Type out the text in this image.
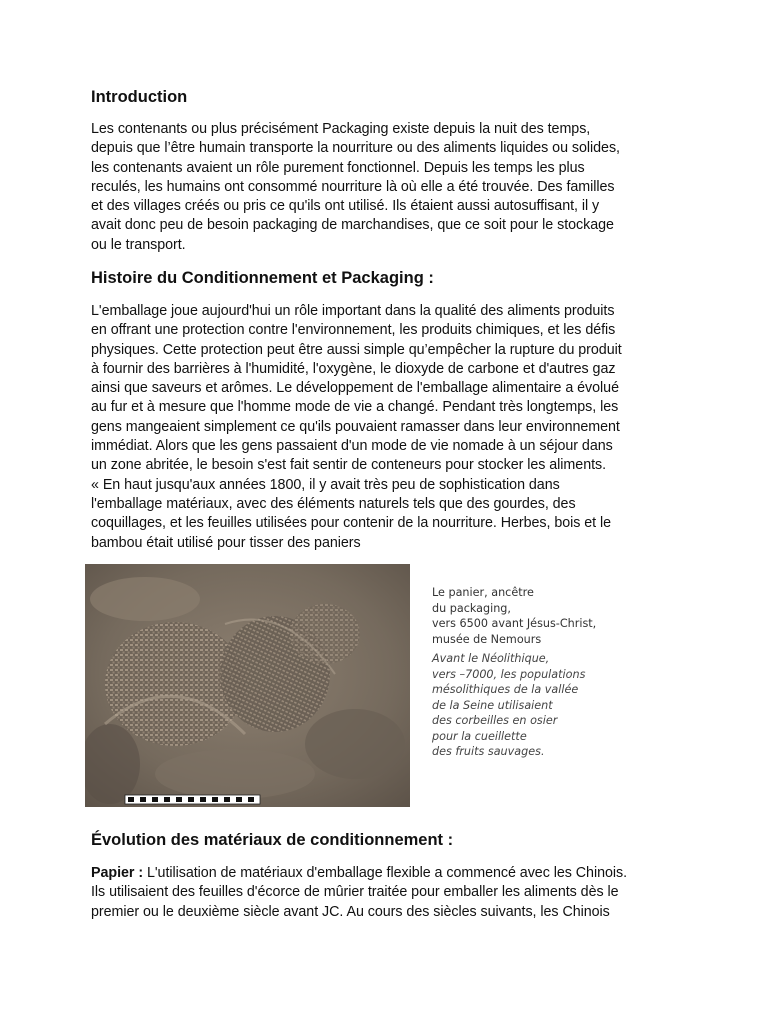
Introduction

Les contenants ou plus précisément Packaging existe depuis la nuit des temps,
depuis que l’être humain transporte la nourriture ou des aliments liquides ou solides,
les contenants avaient un rôle purement fonctionnel. Depuis les temps les plus
reculés, les humains ont consommé nourriture là où elle a été trouvée. Des familles
et des villages créés ou pris ce qu'ils ont utilisé. Ils étaient aussi autosuffisant, il y
avait donc peu de besoin packaging de marchandises, que ce soit pour le stockage
ou le transport.

Histoire du Conditionnement et Packaging :

L'emballage joue aujourd'hui un rôle important dans la qualité des aliments produits
en offrant une protection contre l'environnement, les produits chimiques, et les défis
physiques. Cette protection peut être aussi simple qu’empêcher la rupture du produit
à fournir des barrières à l'humidité, l'oxygène, le dioxyde de carbone et d'autres gaz
ainsi que saveurs et arômes. Le développement de l'emballage alimentaire a évolué
au fur et à mesure que l'homme mode de vie a changé. Pendant très longtemps, les
gens mangeaient simplement ce qu'ils pouvaient ramasser dans leur environnement
immédiat. Alors que les gens passaient d'un mode de vie nomade à un séjour dans
un zone abritée, le besoin s'est fait sentir de conteneurs pour stocker les aliments.
« En haut jusqu'aux années 1800, il y avait très peu de sophistication dans
l'emballage matériaux, avec des éléments naturels tels que des gourdes, des
coquillages, et les feuilles utilisées pour contenir de la nourriture. Herbes, bois et le
bambou était utilisé pour tisser des paniers

Évolution des matériaux de conditionnement :

Papier : L'utilisation de matériaux d'emballage flexible a commencé avec les Chinois.
Ils utilisaient des feuilles d'écorce de mûrier traitée pour emballer les aliments dès le
premier ou le deuxième siècle avant JC. Au cours des siècles suivants, les Chinois

Le panier, ancêtre
du packaging,
vers 6500 avant Jésus-Christ,
musée de Nemours
Avant le Néolithique,
vers –7000, les populations
mésolithiques de la vallée
de la Seine utilisaient
des corbeilles en osier
pour la cueillette
des fruits sauvages.
